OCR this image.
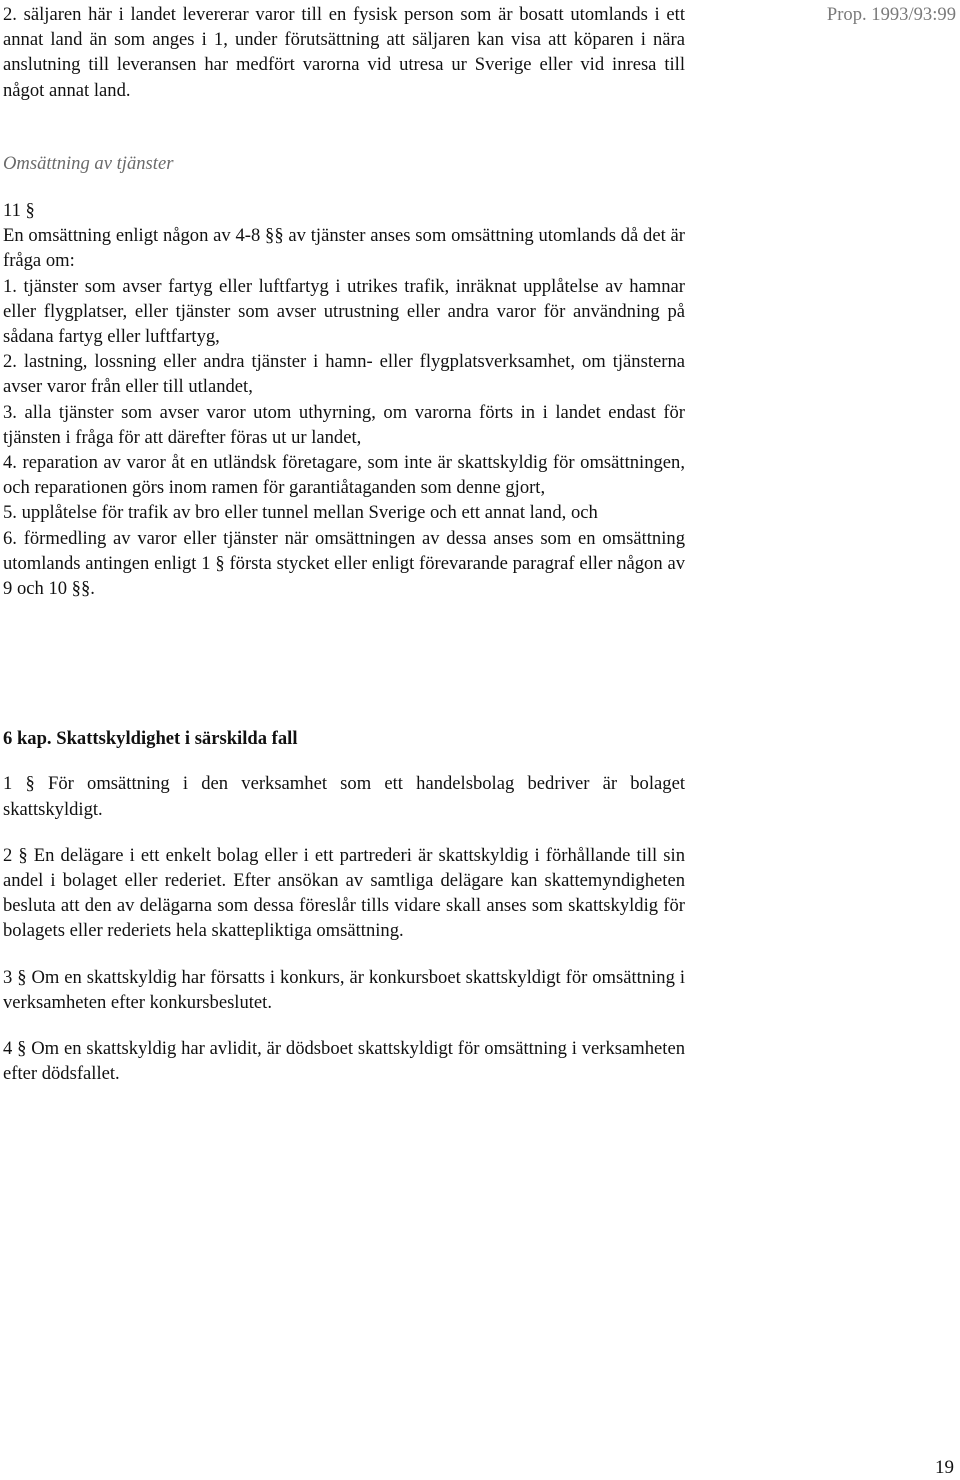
Prop. 1993/93:99

2. säljaren här i landet levererar varor till en fysisk person som är bosatt utomlands i ett annat land än som anges i 1, under förutsättning att säljaren kan visa att köparen i nära anslutning till leveransen har medfört varorna vid utresa ur Sverige eller vid inresa till något annat land.

Omsättning av tjänster

11 §

En omsättning enligt någon av 4-8 §§ av tjänster anses som omsättning utomlands då det är fråga om:

1. tjänster som avser fartyg eller luftfartyg i utrikes trafik, inräknat upplåtelse av hamnar eller flygplatser, eller tjänster som avser utrustning eller andra varor för användning på sådana fartyg eller luftfartyg,

2. lastning, lossning eller andra tjänster i hamn- eller flygplatsverksamhet, om tjänsterna avser varor från eller till utlandet,

3. alla tjänster som avser varor utom uthyrning, om varorna förts in i landet endast för tjänsten i fråga för att därefter föras ut ur landet,

4. reparation av varor åt en utländsk företagare, som inte är skattskyldig för omsättningen, och reparationen görs inom ramen för garantiåtaganden som denne gjort,

5. upplåtelse för trafik av bro eller tunnel mellan Sverige och ett annat land, och

6. förmedling av varor eller tjänster när omsättningen av dessa anses som en omsättning utomlands antingen enligt 1 § första stycket eller enligt förevarande paragraf eller någon av 9 och 10 §§.

6 kap. Skattskyldighet i särskilda fall

1 § För omsättning i den verksamhet som ett handelsbolag bedriver är bolaget skattskyldigt.

2 § En delägare i ett enkelt bolag eller i ett partrederi är skattskyldig i förhållande till sin andel i bolaget eller rederiet. Efter ansökan av samtliga delägare kan skattemyndigheten besluta att den av delägarna som dessa föreslår tills vidare skall anses som skattskyldig för bolagets eller rederiets hela skattepliktiga omsättning.

3 § Om en skattskyldig har försatts i konkurs, är konkursboet skattskyldigt för omsättning i verksamheten efter konkursbeslutet.

4 § Om en skattskyldig har avlidit, är dödsboet skattskyldigt för omsättning i verksamheten efter dödsfallet.

19
